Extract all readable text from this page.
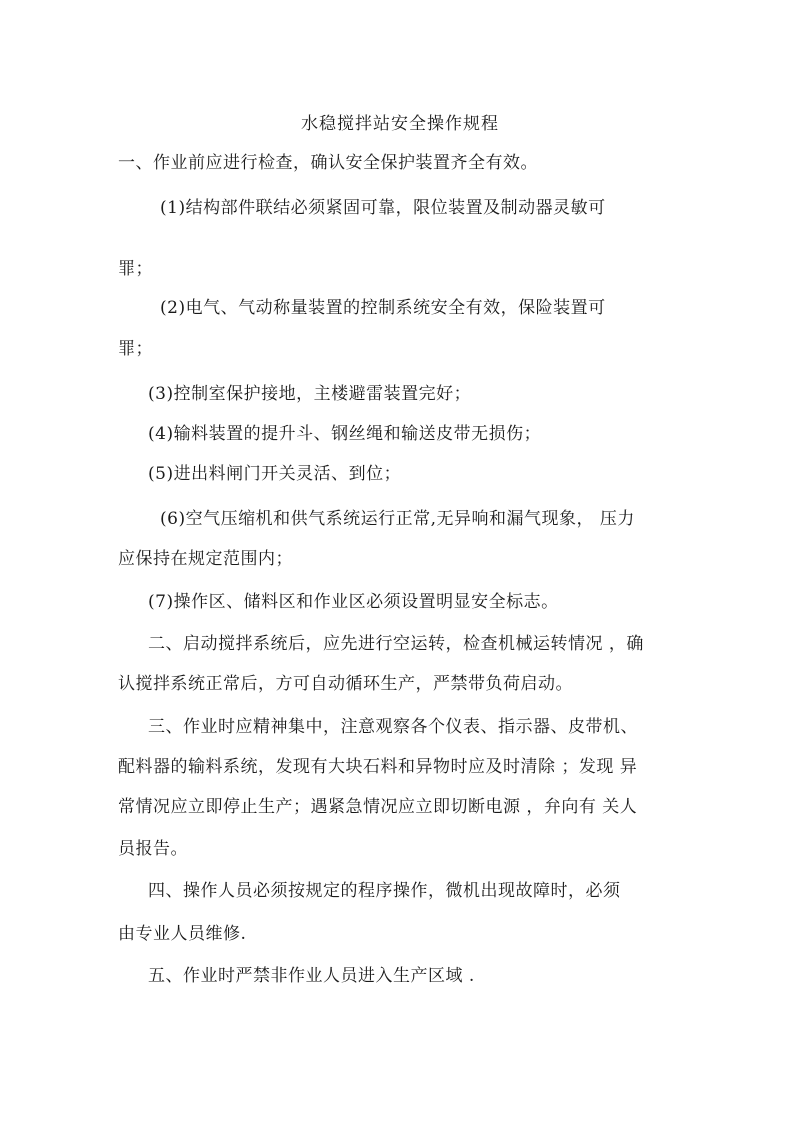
水稳搅拌站安全操作规程
一、作业前应进行检查，确认安全保护装置齐全有效。
(1)结构部件联结必须紧固可靠，限位装置及制动器灵敏可
罪；
(2)电气、气动称量装置的控制系统安全有效，保险装置可
罪；
(3)控制室保护接地，主楼避雷装置完好；
(4)输料装置的提升斗、钢丝绳和输送皮带无损伤；
(5)进出料闸门开关灵活、到位；
(6)空气压缩机和供气系统运行正常,无异响和漏气现象， 压力
应保持在规定范围内；
(7)操作区、储料区和作业区必须设置明显安全标志。
二、启动搅拌系统后，应先进行空运转，检查机械运转情况 ，确
认搅拌系统正常后，方可自动循环生产，严禁带负荷启动。
三、作业时应精神集中，注意观察各个仪表、指示器、皮带机、
配料器的输料系统，发现有大块石料和异物时应及时清除 ；发现 异
常情况应立即停止生产；遇紧急情况应立即切断电源 ，弁向有 关人
员报告。
四、操作人员必须按规定的程序操作，微机出现故障时，必须
由专业人员维修.
五、作业时严禁非作业人员进入生产区域 .
